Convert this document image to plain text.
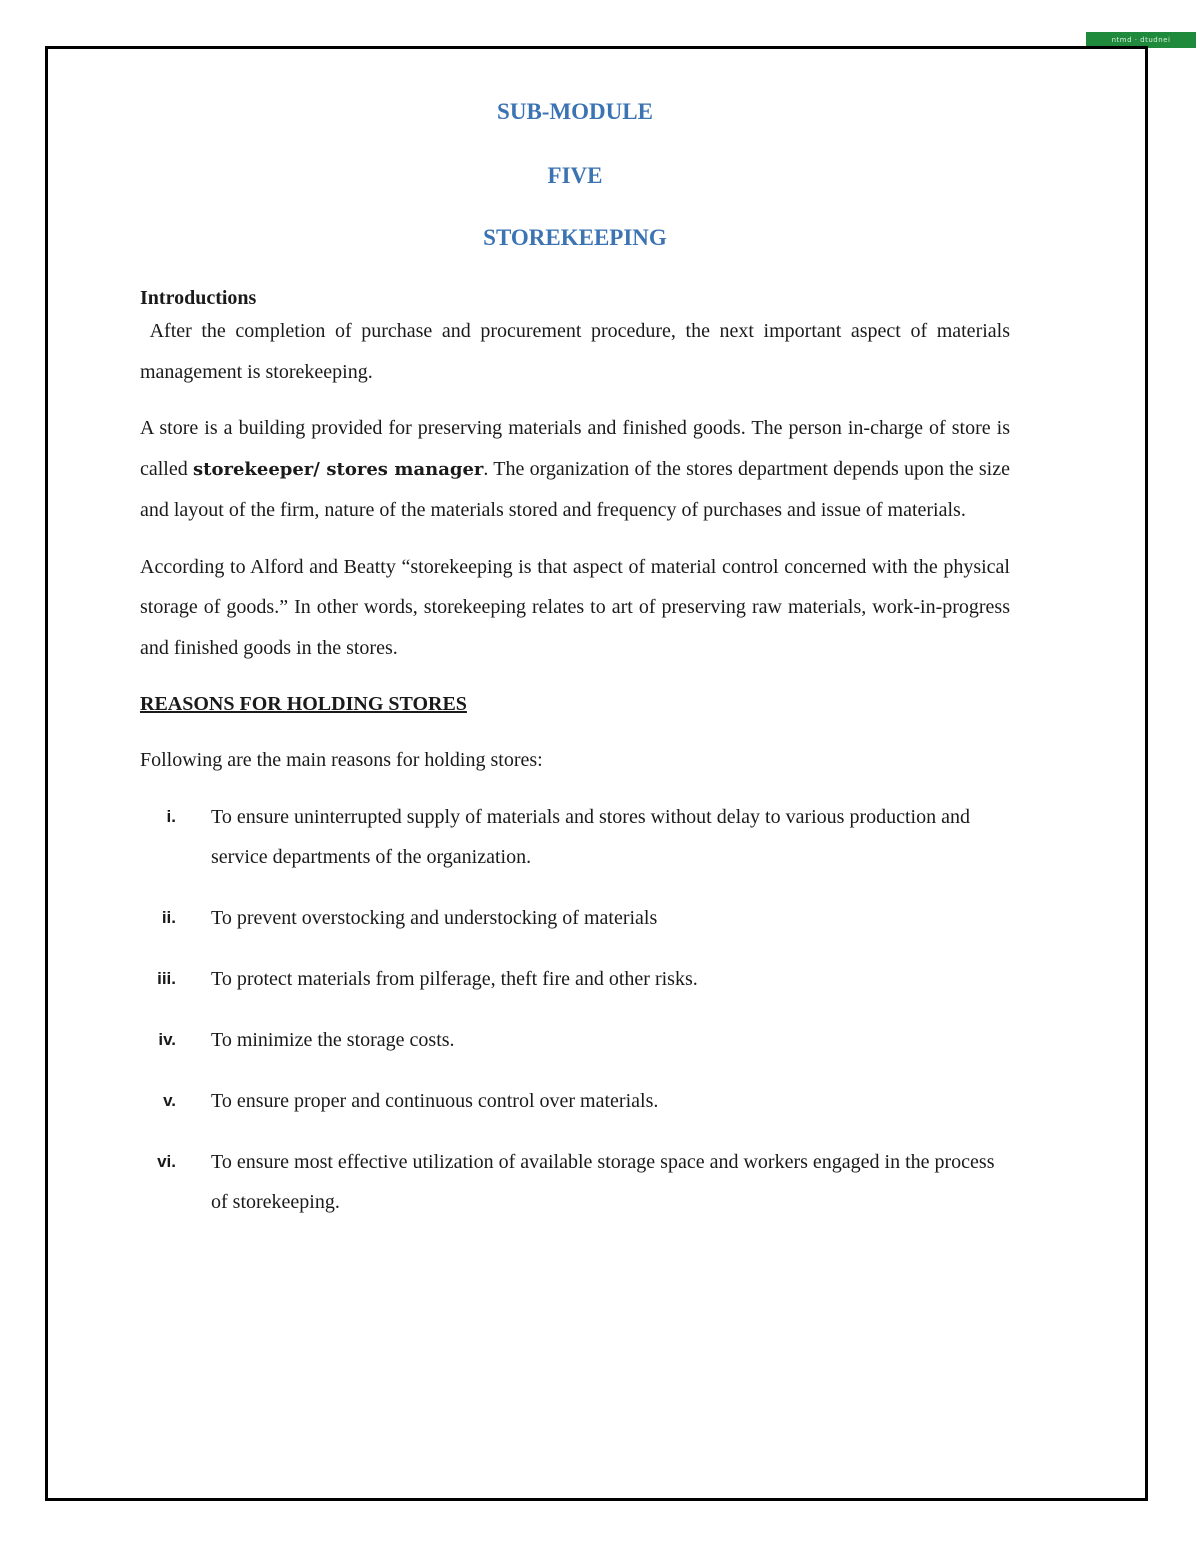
ntmd · dtudnei
SUB-MODULE
FIVE
STOREKEEPING
Introductions

After the completion of purchase and procurement procedure, the next important aspect of materials management is storekeeping.

A store is a building provided for preserving materials and finished goods. The person in-charge of store is called storekeeper/ stores manager. The organization of the stores department depends upon the size and layout of the firm, nature of the materials stored and frequency of purchases and issue of materials.

According to Alford and Beatty “storekeeping is that aspect of material control concerned with the physical storage of goods.” In other words, storekeeping relates to art of preserving raw materials, work-in-progress and finished goods in the stores.

REASONS FOR HOLDING STORES
Following are the main reasons for holding stores:
i. To ensure uninterrupted supply of materials and stores without delay to various production and service departments of the organization.
ii. To prevent overstocking and understocking of materials
iii. To protect materials from pilferage, theft fire and other risks.
iv. To minimize the storage costs.
v. To ensure proper and continuous control over materials.
vi. To ensure most effective utilization of available storage space and workers engaged in the process of storekeeping.
